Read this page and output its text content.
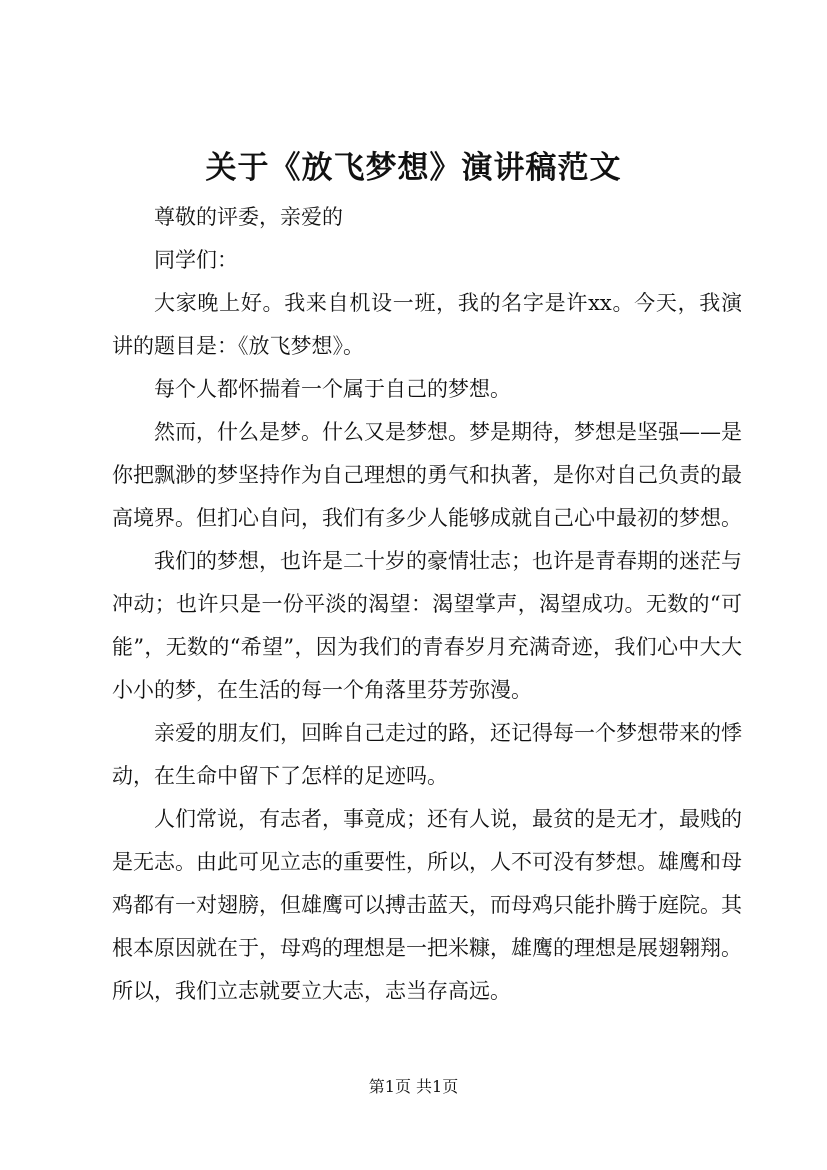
关于《放飞梦想》演讲稿范文

尊敬的评委，亲爱的

同学们：

大家晚上好。我来自机设一班，我的名字是许xx。今天，我演讲的题目是：《放飞梦想》。

每个人都怀揣着一个属于自己的梦想。

然而，什么是梦。什么又是梦想。梦是期待，梦想是坚强——是你把飘渺的梦坚持作为自己理想的勇气和执著，是你对自己负责的最高境界。但扪心自问，我们有多少人能够成就自己心中最初的梦想。

我们的梦想，也许是二十岁的豪情壮志；也许是青春期的迷茫与冲动；也许只是一份平淡的渴望：渴望掌声，渴望成功。无数的“可能”，无数的“希望”，因为我们的青春岁月充满奇迹，我们心中大大小小的梦，在生活的每一个角落里芬芳弥漫。

亲爱的朋友们，回眸自己走过的路，还记得每一个梦想带来的悸动，在生命中留下了怎样的足迹吗。

人们常说，有志者，事竟成；还有人说，最贫的是无才，最贱的是无志。由此可见立志的重要性，所以，人不可没有梦想。雄鹰和母鸡都有一对翅膀，但雄鹰可以搏击蓝天，而母鸡只能扑腾于庭院。其根本原因就在于，母鸡的理想是一把米糠，雄鹰的理想是展翅翱翔。所以，我们立志就要立大志，志当存高远。

第1页 共1页
